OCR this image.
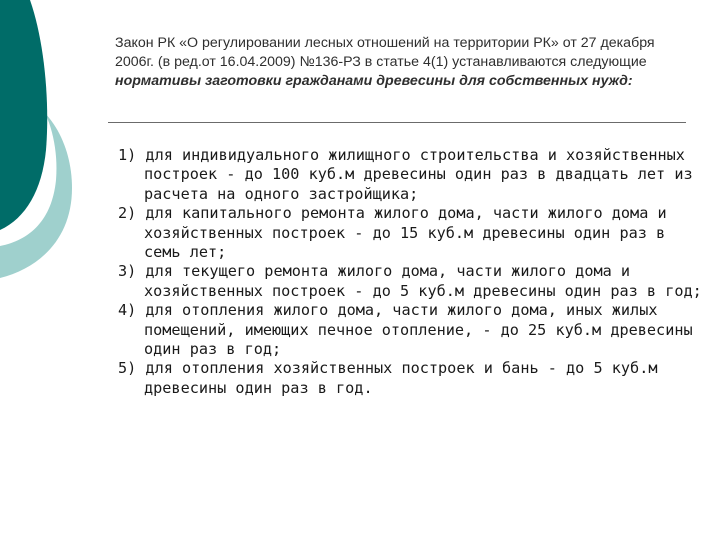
Закон РК «О регулировании лесных отношений на территории РК» от 27 декабря 2006г. (в ред.от 16.04.2009) №136-РЗ в статье 4(1) устанавливаются следующие нормативы заготовки гражданами древесины для собственных нужд:
1) для индивидуального жилищного строительства и хозяйственных построек - до 100 куб.м древесины один раз в двадцать лет из расчета на одного застройщика;
2) для капитального ремонта жилого дома, части жилого дома и хозяйственных построек - до 15 куб.м древесины один раз в семь лет;
3) для текущего ремонта жилого дома, части жилого дома и хозяйственных построек - до 5 куб.м древесины один раз в год;
4) для отопления жилого дома, части жилого дома, иных жилых помещений, имеющих печное отопление, - до 25 куб.м древесины один раз в год;
5) для отопления хозяйственных построек и бань - до 5 куб.м древесины один раз в год.
